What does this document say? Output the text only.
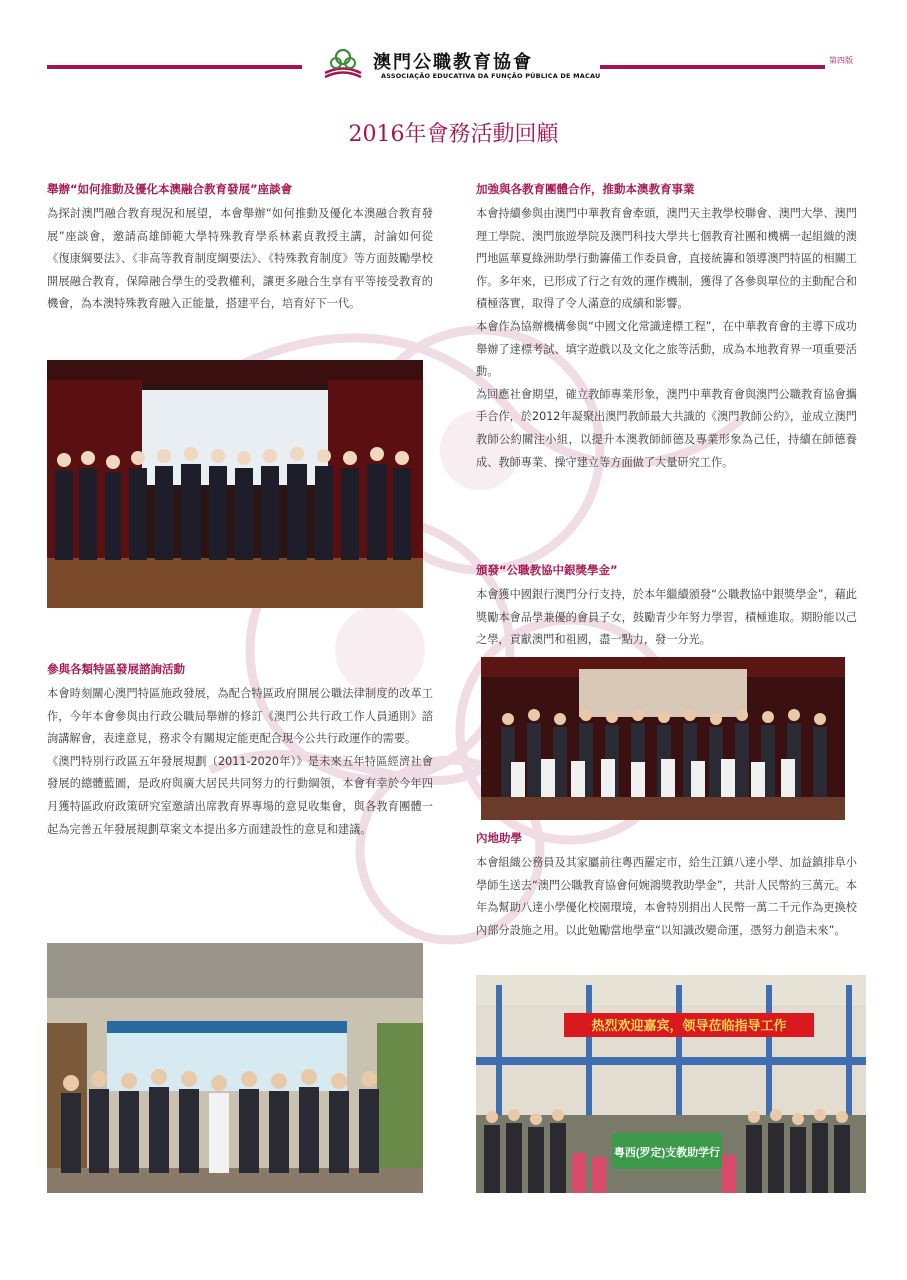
澳門公職教育協會
ASSOCIAÇÃO EDUCATIVA DA FUNÇÃO PÚBLICA DE MACAU
第四版
2016年會務活動回顧
舉辦“如何推動及優化本澳融合教育發展”座談會

為探討澳門融合教育現況和展望，本會舉辦“如何推動及優化本澳融合教育發展”座談會，邀請高雄師範大學特殊教育學系林素貞教授主講，討論如何從《復康綱要法》、《非高等教育制度綱要法》、《特殊教育制度》等方面鼓勵學校開展融合教育，保障融合學生的受教權利，讓更多融合生享有平等接受教育的機會，為本澳特殊教育融入正能量，搭建平台，培育好下一代。

參與各類特區發展諮詢活動

本會時刻關心澳門特區施政發展，為配合特區政府開展公職法律制度的改革工作，今年本會參與由行政公職局舉辦的修訂《澳門公共行政工作人員通則》諮詢講解會，表達意見，務求令有關規定能更配合現今公共行政運作的需要。

《澳門特別行政區五年發展規劃（2011-2020年）》是未來五年特區經濟社會發展的總體藍圖，是政府與廣大居民共同努力的行動綱領，本會有幸於今年四月獲特區政府政策研究室邀請出席教育界專場的意見收集會，與各教育團體一起為完善五年發展規劃草案文本提出多方面建設性的意見和建議。

加強與各教育團體合作，推動本澳教育事業

本會持續參與由澳門中華教育會牽頭，澳門天主教學校聯會、澳門大學、澳門理工學院、澳門旅遊學院及澳門科技大學共七個教育社團和機構一起組織的澳門地區華夏綠洲助學行動籌備工作委員會，直接統籌和領導澳門特區的相關工作。多年來，已形成了行之有效的運作機制，獲得了各參與單位的主動配合和積極落實，取得了令人滿意的成績和影響。

本會作為協辦機構參與“中國文化常識達標工程”，在中華教育會的主導下成功舉辦了達標考試、填字遊戲以及文化之旅等活動，成為本地教育界一項重要活動。

為回應社會期望，確立教師專業形象，澳門中華教育會與澳門公職教育協會攜手合作，於2012年凝聚出澳門教師最大共識的《澳門教師公約》，並成立澳門教師公約關注小組，以提升本澳教師師德及專業形象為己任，持續在師德養成、教師專業、操守建立等方面做了大量研究工作。

頒發“公職教協中銀獎學金”

本會獲中國銀行澳門分行支持，於本年繼續頒發“公職教協中銀獎學金”，藉此獎勵本會品學兼優的會員子女，鼓勵青少年努力學習，積極進取。期盼能以己之學，貢獻澳門和祖國，盡一點力，發一分光。

內地助學

本會組織公務員及其家屬前往粵西羅定市，給生江鎮八達小學、加益鎮排阜小學師生送去“澳門公職教育協會何婉鴻獎教助學金”，共計人民幣約三萬元。本年為幫助八達小學優化校園環境，本會特別捐出人民幣一萬二千元作為更換校內部分設施之用。以此勉勵當地學童“以知識改變命運，憑努力創造未來”。

热烈欢迎嘉宾，领导莅临指导工作
粤西(罗定)支教助学行
